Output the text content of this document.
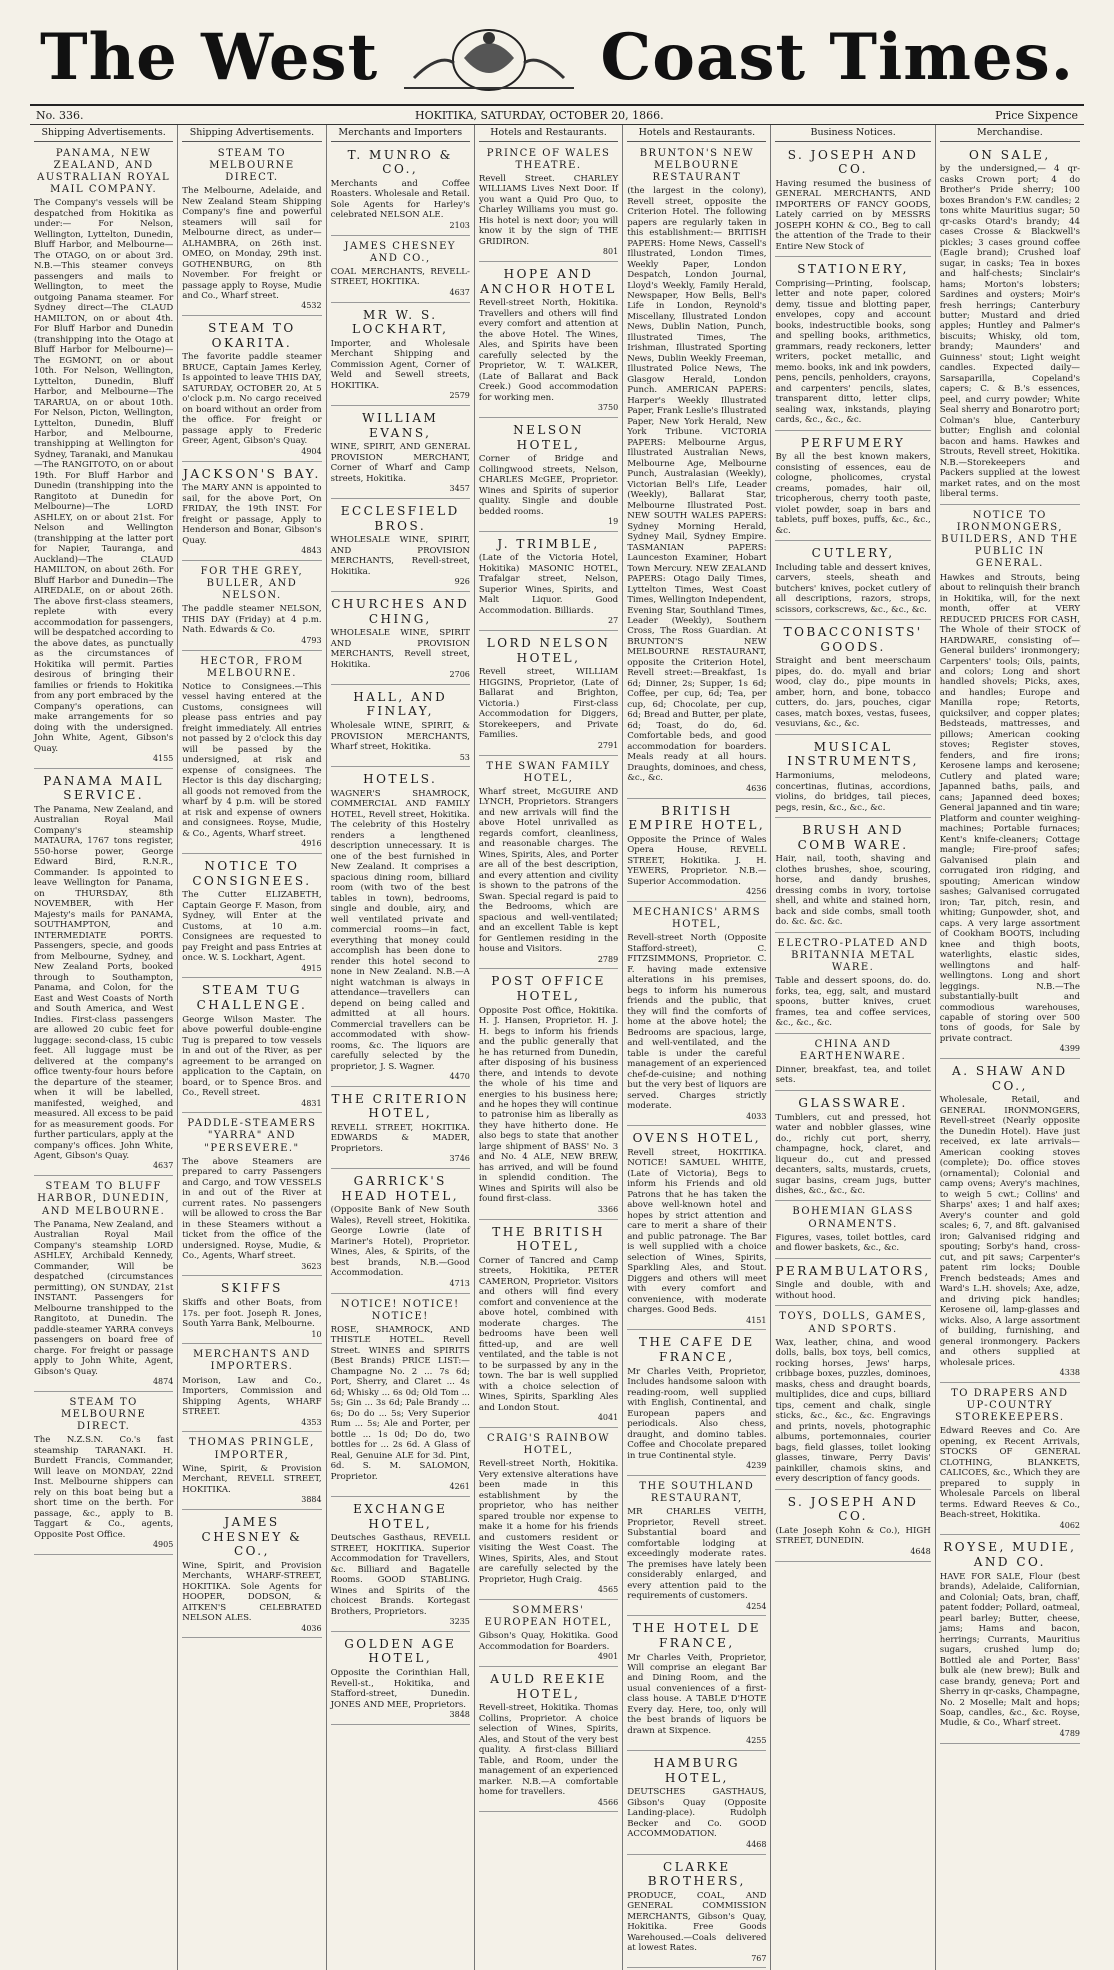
The West	Coast Times.
No. 336.	HOKITIKA, SATURDAY, OCTOBER 20, 1866.	Price Sixpence
Shipping Advertisements.
PANAMA, NEW ZEALAND, AND AUSTRALIAN ROYAL MAIL COMPANY.
The Company's vessels will be despatched from Hokitika as under:— For Nelson, Wellington, Lyttelton, Dunedin, Bluff Harbor, and Melbourne—The OTAGO, on or about 3rd. N.B.—This steamer conveys passengers and mails to Wellington, to meet the outgoing Panama steamer. For Sydney direct—The CLAUD HAMILTON, on or about 4th. For Bluff Harbor and Dunedin (transhipping into the Otago at Bluff Harbor for Melbourne)—The EGMONT, on or about 10th. For Nelson, Wellington, Lyttelton, Dunedin, Bluff Harbor, and Melbourne—The TARARUA, on or about 10th. For Nelson, Picton, Wellington, Lyttelton, Dunedin, Bluff Harbor, and Melbourne, transhipping at Wellington for Sydney, Taranaki, and Manukau—The RANGITOTO, on or about 19th. For Bluff Harbor and Dunedin (transhipping into the Rangitoto at Dunedin for Melbourne)—The LORD ASHLEY, on or about 21st. For Nelson and Wellington (transhipping at the latter port for Napier, Tauranga, and Auckland)—The CLAUD HAMILTON, on about 26th. For Bluff Harbor and Dunedin—The AIREDALE, on or about 26th. The above first-class steamers, replete with every accommodation for passengers, will be despatched according to the above dates, as punctually as the circumstances of Hokitika will permit. Parties desirous of bringing their families or friends to Hokitika from any port embraced by the Company's operations, can make arrangements for so doing with the undersigned. John White, Agent, Gibson's Quay.
4155
PANAMA MAIL SERVICE.
The Panama, New Zealand, and Australian Royal Mail Company's steamship MATAURA, 1767 tons register, 550-horse power, George Edward Bird, R.N.R., Commander. Is appointed to leave Wellington for Panama, on THURSDAY, 8th NOVEMBER, with Her Majesty's mails for PANAMA, SOUTHAMPTON, and INTERMEDIATE PORTS. Passengers, specie, and goods from Melbourne, Sydney, and New Zealand Ports, booked through to Southampton, Panama, and Colon, for the East and West Coasts of North and South America, and West Indies. First-class passengers are allowed 20 cubic feet for luggage: second-class, 15 cubic feet. All luggage must be delivered at the company's office twenty-four hours before the departure of the steamer, when it will be labelled, manifested, weighed, and measured. All excess to be paid for as measurement goods. For further particulars, apply at the company's offices. John White, Agent, Gibson's Quay.
4637
STEAM TO BLUFF HARBOR, DUNEDIN, AND MELBOURNE.
The Panama, New Zealand, and Australian Royal Mail Company's steamship LORD ASHLEY, Archibald Kennedy, Commander, Will be despatched (circumstances permitting), ON SUNDAY, 21st INSTANT. Passengers for Melbourne transhipped to the Rangitoto, at Dunedin. The paddle-steamer YARRA conveys passengers on board free of charge. For freight or passage apply to John White, Agent, Gibson's Quay.
4874
STEAM TO MELBOURNE DIRECT.
The N.Z.S.N. Co.'s fast steamship TARANAKI. H. Burdett Francis, Commander, Will leave on MONDAY, 22nd Inst. Melbourne shippers can rely on this boat being but a short time on the berth. For passage, &c., apply to B. Taggart & Co., agents, Opposite Post Office.
4905
Shipping Advertisements.
STEAM TO MELBOURNE DIRECT.
The Melbourne, Adelaide, and New Zealand Steam Shipping Company's fine and powerful steamers will sail for Melbourne direct, as under— ALHAMBRA, on 26th inst. OMEO, on Monday, 29th inst. GOTHENBURG, on 8th November. For freight or passage apply to Royse, Mudie and Co., Wharf street.
4532
STEAM TO OKARITA.
The favorite paddle steamer BRUCE, Captain James Kerley, Is appointed to leave THIS DAY, SATURDAY, OCTOBER 20, At 5 o'clock p.m. No cargo received on board without an order from the office. For freight or passage apply to Frederic Greer, Agent, Gibson's Quay.
4904
JACKSON'S BAY.
The MARY ANN is appointed to sail, for the above Port, On FRIDAY, the 19th INST. For freight or passage, Apply to Henderson and Bonar, Gibson's Quay.
4843
FOR THE GREY, BULLER, AND NELSON.
The paddle steamer NELSON, THIS DAY (Friday) at 4 p.m. Nath. Edwards & Co.
4793
HECTOR, FROM MELBOURNE.
Notice to Consignees.—This vessel having entered at the Customs, consignees will please pass entries and pay freight immediately. All entries not passed by 2 o'clock this day will be passed by the undersigned, at risk and expense of consignees. The Hector is this day discharging; all goods not removed from the wharf by 4 p.m. will be stored at risk and expense of owners and consignees. Royse, Mudie, & Co., Agents, Wharf street.
4916
NOTICE TO CONSIGNEES.
The Cutter ELIZABETH, Captain George F. Mason, from Sydney, will Enter at the Customs, at 10 a.m. Consignees are requested to pay Freight and pass Entries at once. W. S. Lockhart, Agent.
4915
STEAM TUG CHALLENGE.
George Wilson Master. The above powerful double-engine Tug is prepared to tow vessels in and out of the River, as per agreement to be arranged on application to the Captain, on board, or to Spence Bros. and Co., Revell street.
4831
PADDLE-STEAMERS "YARRA" AND "PERSEVERE."
The above Steamers are prepared to carry Passengers and Cargo, and TOW VESSELS in and out of the River at current rates. No passengers will be allowed to cross the Bar in these Steamers without a ticket from the office of the undersigned. Royse, Mudie, & Co., Agents, Wharf street.
3623
SKIFFS
Skiffs and other Boats, from 17s. per foot. Joseph R. Jones, South Yarra Bank, Melbourne.
10
MERCHANTS AND IMPORTERS.
Morison, Law and Co., Importers, Commission and Shipping Agents, WHARF STREET.
4353
THOMAS PRINGLE, IMPORTER,
Wine, Spirit, & Provision Merchant, REVELL STREET, HOKITIKA.
3884
JAMES CHESNEY & CO.,
Wine, Spirit, and Provision Merchants, WHARF-STREET, HOKITIKA. Sole Agents for HOOPER, DODSON, & AITKEN'S CELEBRATED NELSON ALES.
4036
Merchants and Importers
T. MUNRO & CO.,
Merchants and Coffee Roasters. Wholesale and Retail. Sole Agents for Harley's celebrated NELSON ALE.
2103
JAMES CHESNEY AND CO.,
COAL MERCHANTS, REVELL-STREET, HOKITIKA.
4637
MR W. S. LOCKHART,
Importer, and Wholesale Merchant Shipping and Commission Agent, Corner of Weld and Sewell streets, HOKITIKA.
2579
WILLIAM EVANS,
WINE, SPIRIT, AND GENERAL PROVISION MERCHANT, Corner of Wharf and Camp streets, Hokitika.
3457
ECCLESFIELD BROS.
WHOLESALE WINE, SPIRIT, AND PROVISION MERCHANTS, Revell-street, Hokitika.
926
CHURCHES AND CHING,
WHOLESALE WINE, SPIRIT AND PROVISION MERCHANTS, Revell street, Hokitika.
2706
HALL, AND FINLAY,
Wholesale WINE, SPIRIT, & PROVISION MERCHANTS, Wharf street, Hokitika.
53
HOTELS.
WAGNER'S SHAMROCK, COMMERCIAL AND FAMILY HOTEL, Revell street, Hokitika. The celebrity of this Hostelry renders a lengthened description unnecessary. It is one of the best furnished in New Zealand. It comprises a spacious dining room, billiard room (with two of the best tables in town), bedrooms, single and double, airy, and well ventilated private and commercial rooms—in fact, everything that money could accomplish has been done to render this hotel second to none in New Zealand. N.B.—A night watchman is always in attendance—travellers can depend on being called and admitted at all hours. Commercial travellers can be accommodated with show-rooms, &c. The liquors are carefully selected by the proprietor, J. S. Wagner.
4470
THE CRITERION HOTEL,
REVELL STREET, HOKITIKA. EDWARDS & MADER, Proprietors.
3746
GARRICK'S HEAD HOTEL,
(Opposite Bank of New South Wales), Revell street, Hokitika. George Lowrie (late of Mariner's Hotel), Proprietor. Wines, Ales, & Spirits, of the best brands, N.B.—Good Accommodation.
4713
NOTICE! NOTICE! NOTICE!
ROSE, SHAMROCK, AND THISTLE HOTEL. Revell Street. WINES and SPIRITS (Best Brands) PRICE LIST:— Champagne No. 2 ... 7s 6d; Port, Sherry, and Claret ... 4s 6d; Whisky ... 6s 0d; Old Tom ... 5s; Gin ... 3s 6d; Pale Brandy ... 6s; Do do ... 5s; Very Superior Rum ... 5s; Ale and Porter, per bottle ... 1s 0d; Do do, two bottles for ... 2s 6d. A Glass of Real, Genuine ALE for 3d. Pint, 6d. S. M. SALOMON, Proprietor.
4261
EXCHANGE HOTEL,
Deutsches Gasthaus, REVELL STREET, HOKITIKA. Superior Accommodation for Travellers, &c. Billiard and Bagatelle Rooms. GOOD STABLING. Wines and Spirits of the choicest Brands. Kortegast Brothers, Proprietors.
3235
GOLDEN AGE HOTEL,
Opposite the Corinthian Hall, Revell-st., Hokitika, and Stafford-street, Dunedin. JONES AND MEE, Proprietors.
3848
Hotels and Restaurants.
PRINCE OF WALES THEATRE.
Revell Street. CHARLEY WILLIAMS Lives Next Door. If you want a Quid Pro Quo, to Charley Williams you must go. His hotel is next door; you will know it by the sign of THE GRIDIRON.
801
HOPE AND ANCHOR HOTEL
Revell-street North, Hokitika. Travellers and others will find every comfort and attention at the above Hotel. The Wines, Ales, and Spirits have been carefully selected by the Proprietor, W. T. WALKER, (Late of Ballarat and Back Creek.) Good accommodation for working men.
3750
NELSON HOTEL,
Corner of Bridge and Collingwood streets, Nelson, CHARLES McGEE, Proprietor. Wines and Spirits of superior quality. Single and double bedded rooms.
19
J. TRIMBLE,
(Late of the Victoria Hotel, Hokitika) MASONIC HOTEL, Trafalgar street, Nelson, Superior Wines, Spirits, and Malt Liquor. Good Accommodation. Billiards.
27
LORD NELSON HOTEL,
Revell street, WILLIAM HIGGINS, Proprietor, (Late of Ballarat and Brighton, Victoria.) First-class Accommodation for Diggers, Storekeepers, and Private Families.
2791
THE SWAN FAMILY HOTEL,
Wharf street, McGUIRE AND LYNCH, Proprietors. Strangers and new arrivals will find the above Hotel unrivalled as regards comfort, cleanliness, and reasonable charges. The Wines, Spirits, Ales, and Porter are all of the best description, and every attention and civility is shown to the patrons of the Swan. Special regard is paid to the Bedrooms, which are spacious and well-ventilated; and an excellent Table is kept for Gentlemen residing in the house and Visitors.
2789
POST OFFICE HOTEL,
Opposite Post Office, Hokitika. H. J. Hansen, Proprietor. H. J. H. begs to inform his friends and the public generally that he has returned from Dunedin, after disposing of his business there, and intends to devote the whole of his time and energies to his business here; and he hopes they will continue to patronise him as liberally as they have hitherto done. He also begs to state that another large shipment of BASS' No. 3 and No. 4 ALE, NEW BREW, has arrived, and will be found in splendid condition. The Wines and Spirits will also be found first-class.
3366
THE BRITISH HOTEL,
Corner of Tancred and Camp streets, Hokitika, PETER CAMERON, Proprietor. Visitors and others will find every comfort and convenience at the above hotel, combined with moderate charges. The bedrooms have been well fitted-up, and are well ventilated, and the table is not to be surpassed by any in the town. The bar is well supplied with a choice selection of Wines, Spirits, Sparkling Ales and London Stout.
4041
CRAIG'S RAINBOW HOTEL,
Revell-street North, Hokitika. Very extensive alterations have been made in this establishment by the proprietor, who has neither spared trouble nor expense to make it a home for his friends and customers resident or visiting the West Coast. The Wines, Spirits, Ales, and Stout are carefully selected by the Proprietor, Hugh Craig.
4565
SOMMERS' EUROPEAN HOTEL,
Gibson's Quay, Hokitika. Good Accommodation for Boarders.
4901
AULD REEKIE HOTEL,
Revell-street, Hokitika. Thomas Collins, Proprietor. A choice selection of Wines, Spirits, Ales, and Stout of the very best quality. A first-class Billiard Table, and Room, under the management of an experienced marker. N.B.—A comfortable home for travellers.
4566
Hotels and Restaurants.
BRUNTON'S NEW MELBOURNE RESTAURANT
(the largest in the colony), Revell street, opposite the Criterion Hotel. The following papers are regularly taken in this establishment:— BRITISH PAPERS: Home News, Cassell's Illustrated, London Times, Weekly Paper, London Despatch, London Journal, Lloyd's Weekly, Family Herald, Newspaper, How Bells, Bell's Life in London, Reynold's Miscellany, Illustrated London News, Dublin Nation, Punch, Illustrated Times, The Irishman, Illustrated Sporting News, Dublin Weekly Freeman, Illustrated Police News, The Glasgow Herald, London Punch. AMERICAN PAPERS: Harper's Weekly Illustrated Paper, Frank Leslie's Illustrated Paper, New York Herald, New York Tribune. VICTORIA PAPERS: Melbourne Argus, Illustrated Australian News, Melbourne Age, Melbourne Punch, Australasian (Weekly), Victorian Bell's Life, Leader (Weekly), Ballarat Star, Melbourne Illustrated Post. NEW SOUTH WALES PAPERS: Sydney Morning Herald, Sydney Mail, Sydney Empire. TASMANIAN PAPERS: Launceston Examiner, Hobart Town Mercury. NEW ZEALAND PAPERS: Otago Daily Times, Lyttelton Times, West Coast Times, Wellington Independent, Evening Star, Southland Times, Leader (Weekly), Southern Cross, The Ross Guardian. At BRUNTON'S NEW MELBOURNE RESTAURANT, opposite the Criterion Hotel, Revell street:—Breakfast, 1s 6d; Dinner, 2s; Supper, 1s 6d; Coffee, per cup, 6d; Tea, per cup, 6d; Chocolate, per cup, 6d; Bread and Butter, per plate, 6d; Toast, do do, 6d. Comfortable beds, and good accommodation for boarders. Meals ready at all hours. Draughts, dominoes, and chess, &c., &c.
4636
BRITISH EMPIRE HOTEL,
Opposite the Prince of Wales Opera House, REVELL STREET, Hokitika. J. H. YEWERS, Proprietor. N.B.—Superior Accommodation.
4256
MECHANICS' ARMS HOTEL,
Revell-street North (Opposite Stafford-street), C. FITZSIMMONS, Proprietor. C. F. having made extensive alterations in his premises, begs to inform his numerous friends and the public, that they will find the comforts of home at the above hotel; the Bedrooms are spacious, large, and well-ventilated, and the table is under the careful management of an experienced chef-de-cuisine; and nothing but the very best of liquors are served. Charges strictly moderate.
4033
OVENS HOTEL,
Revell street, HOKITIKA. NOTICE! SAMUEL WHITE, (Late of Victoria), Begs to inform his Friends and old Patrons that he has taken the above well-known hotel and hopes by strict attention and care to merit a share of their and public patronage. The Bar is well supplied with a choice selection of Wines, Spirits, Sparkling Ales, and Stout. Diggers and others will meet with every comfort and convenience, with moderate charges. Good Beds.
4151
THE CAFE DE FRANCE,
Mr Charles Veith, Proprietor, Includes handsome saloon with reading-room, well supplied with English, Continental, and European papers and periodicals. Also chess, draught, and domino tables. Coffee and Chocolate prepared in true Continental style.
4239
THE SOUTHLAND RESTAURANT,
MR CHARLES VEITH, Proprietor, Revell street. Substantial board and comfortable lodging at exceedingly moderate rates. The premises have lately been considerably enlarged, and every attention paid to the requirements of customers.
4254
THE HOTEL DE FRANCE,
Mr Charles Veith, Proprietor, Will comprise an elegant Bar and Dining Room, and the usual conveniences of a first-class house. A TABLE D'HOTE Every day. Here, too, only will the best brands of liquors be drawn at Sixpence.
4255
HAMBURG HOTEL,
DEUTSCHES GASTHAUS, Gibson's Quay (Opposite Landing-place). Rudolph Becker and Co. GOOD ACCOMMODATION.
4468
CLARKE BROTHERS,
PRODUCE, COAL, AND GENERAL COMMISSION MERCHANTS, Gibson's Quay, Hokitika. Free Goods Warehoused.—Coals delivered at lowest Rates.
767
Business Notices.
S. JOSEPH AND CO.
Having resumed the business of GENERAL MERCHANTS, AND IMPORTERS OF FANCY GOODS, Lately carried on by MESSRS JOSEPH KOHN & CO., Beg to call the attention of the Trade to their Entire New Stock of
STATIONERY,
Comprising—Printing, foolscap, letter and note paper, colored demy, tissue and blotting paper, envelopes, copy and account books, indestructible books, song and spelling books, arithmetics, grammars, ready reckoners, letter writers, pocket metallic, and memo. books, ink and ink powders, pens, pencils, penholders, crayons, and carpenters' pencils, slates, transparent ditto, letter clips, sealing wax, inkstands, playing cards, &c., &c., &c.
PERFUMERY
By all the best known makers, consisting of essences, eau de cologne, pholicomes, crystal creams, pomades, hair oil, tricopherous, cherry tooth paste, violet powder, soap in bars and tablets, puff boxes, puffs, &c., &c., &c.
CUTLERY,
Including table and dessert knives, carvers, steels, sheath and butchers' knives, pocket cutlery of all descriptions, razors, strops, scissors, corkscrews, &c., &c., &c.
TOBACCONISTS' GOODS.
Straight and bent meerschaum pipes, do. do. myall and briar wood, clay do., pipe mounts in amber, horn, and bone, tobacco cutters, do. jars, pouches, cigar cases, match boxes, vestas, fusees, vesuvians, &c., &c.
MUSICAL INSTRUMENTS,
Harmoniums, melodeons, concertinas, flutinas, accordions, violins, do bridges, tail pieces, pegs, resin, &c., &c., &c.
BRUSH AND COMB WARE.
Hair, nail, tooth, shaving and clothes brushes, shoe, scouring, horse, and dandy brushes, dressing combs in ivory, tortoise shell, and white and stained horn, back and side combs, small tooth do. &c. &c. &c.
ELECTRO-PLATED AND BRITANNIA METAL WARE.
Table and dessert spoons, do. do. forks, tea, egg, salt, and mustard spoons, butter knives, cruet frames, tea and coffee services, &c., &c., &c.
CHINA AND EARTHENWARE.
Dinner, breakfast, tea, and toilet sets.
GLASSWARE.
Tumblers, cut and pressed, hot water and nobbler glasses, wine do., richly cut port, sherry, champagne, hock, claret, and liqueur do., cut and pressed decanters, salts, mustards, cruets, sugar basins, cream jugs, butter dishes, &c., &c., &c.
BOHEMIAN GLASS ORNAMENTS.
Figures, vases, toilet bottles, card and flower baskets, &c., &c.
PERAMBULATORS,
Single and double, with and without hood.
TOYS, DOLLS, GAMES, AND SPORTS.
Wax, leather, china, and wood dolls, balls, box toys, bell comics, rocking horses, Jews' harps, cribbage boxes, puzzles, dominoes, masks, chess and draught boards, multiplides, dice and cups, billiard tips, cement and chalk, single sticks, &c., &c., &c. Engravings and prints, novels, photographic albums, portemonnaies, courier bags, field glasses, toilet looking glasses, tinware, Perry Davis' painkiller, chamois skins, and every description of fancy goods.
S. JOSEPH AND CO.
(Late Joseph Kohn & Co.), HIGH STREET, DUNEDIN.
4648
Merchandise.
ON SALE,
by the undersigned,— 4 qr-casks Crown port; 4 do Brother's Pride sherry; 100 boxes Brandon's F.W. candles; 2 tons white Mauritius sugar; 50 qr-casks Otard's brandy; 44 cases Crosse & Blackwell's pickles; 3 cases ground coffee (Eagle brand); Crushed loaf sugar, in casks; Tea in boxes and half-chests; Sinclair's hams; Morton's lobsters; Sardines and oysters; Moir's fresh herrings; Canterbury butter; Mustard and dried apples; Huntley and Palmer's biscuits; Whisky, old tom, brandy; Maunders' and Guinness' stout; Light weight candles. Expected daily— Sarsaparilla, Copeland's capers; C. & B.'s essences, peel, and curry powder; White Seal sherry and Bonarotro port; Colman's blue, Canterbury butter; English and colonial bacon and hams. Hawkes and Strouts, Revell street, Hokitika. N.B.—Storekeepers and Packers supplied at the lowest market rates, and on the most liberal terms.
NOTICE TO IRONMONGERS, BUILDERS, AND THE PUBLIC IN GENERAL.
Hawkes and Strouts, being about to relinquish their branch in Hokitika, will, for the next month, offer at VERY REDUCED PRICES FOR CASH, The Whole of their STOCK of HARDWARE, consisting of— General builders' ironmongery; Carpenters' tools; Oils, paints, and colors; Long and short handled shovels; Picks, axes, and handles; Europe and Manilla rope; Retorts, quicksilver, and copper plates; Bedsteads, mattresses, and pillows; American cooking stoves; Register stoves, fenders, and fire irons; Kerosene lamps and kerosene; Cutlery and plated ware; Japanned baths, pails, and cans; Japanned deed boxes; General japanned and tin ware; Platform and counter weighing-machines; Portable furnaces; Kent's knife-cleaners; Cottage mangle; Fire-proof safes; Galvanised plain and corrugated iron ridging, and spouting; American window sashes; Galvanised corrugated iron; Tar, pitch, resin, and whiting; Gunpowder, shot, and caps. A very large assortment of Cookham BOOTS, including knee and thigh boots, waterlights, elastic sides, wellingtons and half-wellingtons. Long and short leggings. N.B.—The substantially-built and commodious warehouses, capable of storing over 500 tons of goods, for Sale by private contract.
4399
A. SHAW AND CO.,
Wholesale, Retail, and GENERAL IRONMONGERS, Revell-street (Nearly opposite the Dunedin Hotel). Have just received, ex late arrivals— American cooking stoves (complete); Do. office stoves (ornamental); Colonial and camp ovens; Avery's machines, to weigh 5 cwt.; Collins' and Sharps' axes; 1 and half axes; Avery's counter and gold scales; 6, 7, and 8ft. galvanised iron; Galvanised ridging and spouting; Sorby's hand, cross-cut, and pit saws; Carpenter's patent rim locks; Double French bedsteads; Ames and Ward's L.H. shovels; Axe, adze, and driving pick handles; Kerosene oil, lamp-glasses and wicks. Also, A large assortment of building, furnishing, and general ironmongery. Packers and others supplied at wholesale prices.
4338
TO DRAPERS AND UP-COUNTRY STOREKEEPERS.
Edward Reeves and Co. Are opening, ex Recent Arrivals, STOCKS OF GENERAL CLOTHING, BLANKETS, CALICOES, &c., Which they are prepared to supply in Wholesale Parcels on liberal terms. Edward Reeves & Co., Beach-street, Hokitika.
4062
ROYSE, MUDIE, AND CO.
HAVE FOR SALE, Flour (best brands), Adelaide, Californian, and Colonial; Oats, bran, chaff, patent fodder; Pollard, oatmeal, pearl barley; Butter, cheese, jams; Hams and bacon, herrings; Currants, Mauritius sugars, crushed lump do; Bottled ale and Porter, Bass' bulk ale (new brew); Bulk and case brandy, geneva; Port and Sherry in qr-casks, Champagne, No. 2 Moselle; Malt and hops; Soap, candles, &c., &c. Royse, Mudie, & Co., Wharf street.
4789
